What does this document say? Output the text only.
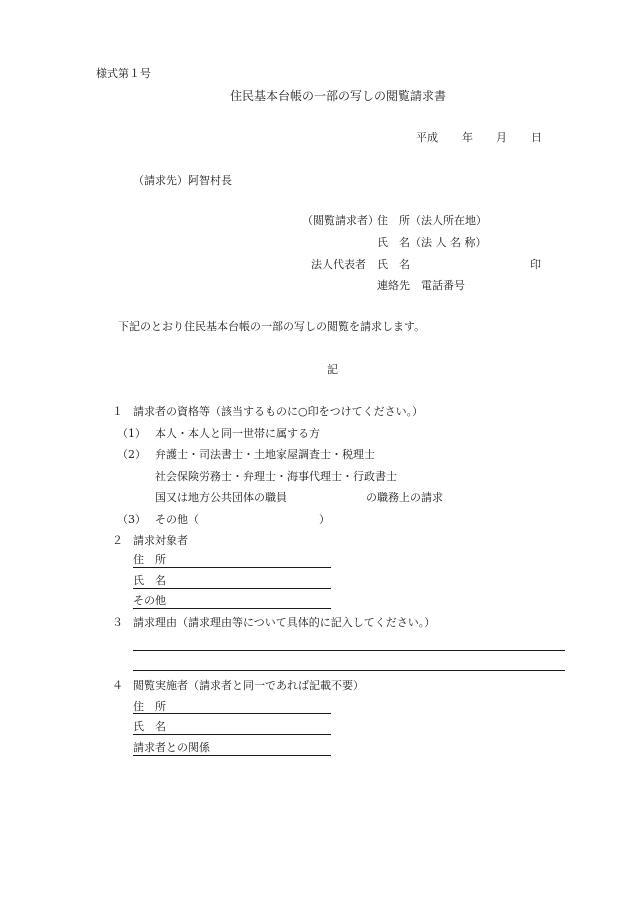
様式第１号
住民基本台帳の一部の写しの閲覧請求書
平成 年 月 日
（請求先）阿智村長
（閲覧請求者）
住　所（法人所在地）
氏　名（法 人 名 称）
法人代表者 氏　名	印
連絡先　電話番号
下記のとおり住民基本台帳の一部の写しの閲覧を請求します。
記
１ 請求者の資格等（該当するものに○印をつけてください。）
（1） 本人・本人と同一世帯に属する方
（2） 弁護士・司法書士・土地家屋調査士・税理士
社会保険労務士・弁理士・海事代理士・行政書士
国又は地方公共団体の職員	の職務上の請求
（3） その他（	）
２ 請求対象者
住　所
氏　名
その他
３ 請求理由（請求理由等について具体的に記入してください。）
４ 閲覧実施者（請求者と同一であれば記載不要）
住　所
氏　名
請求者との関係
